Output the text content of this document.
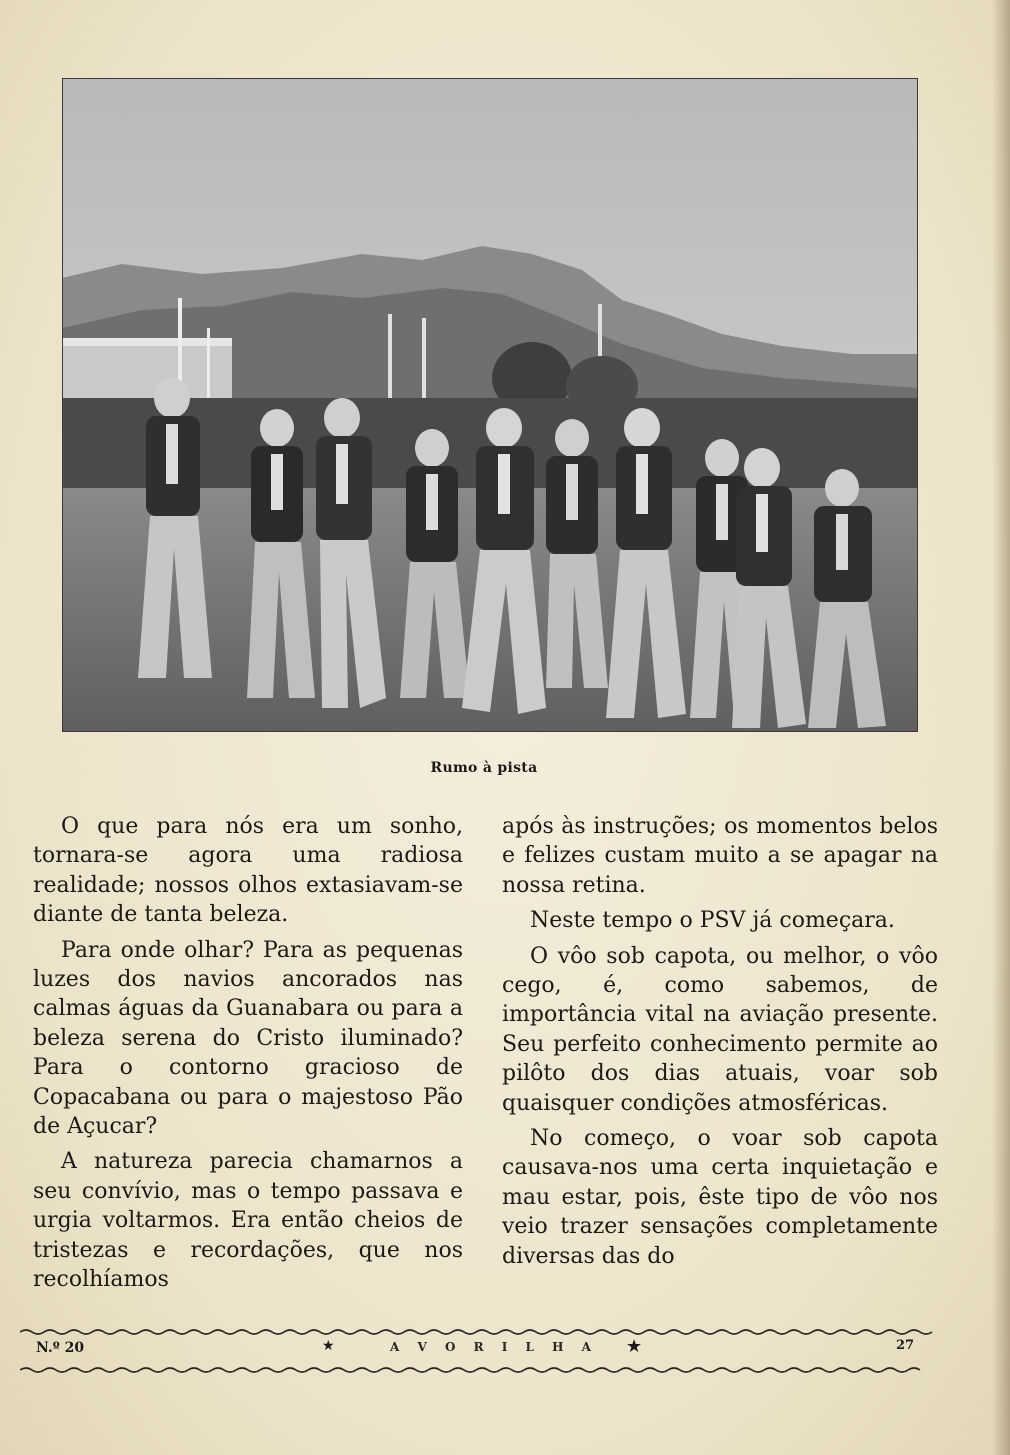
Rumo à pista

O que para nós era um sonho, tornara-se agora uma radiosa realidade; nossos olhos extasiavam-se diante de tanta beleza.

Para onde olhar? Para as pequenas luzes dos navios ancorados nas calmas águas da Guanabara ou para a beleza serena do Cristo iluminado? Para o contorno gracioso de Copacabana ou para o majestoso Pão de Açucar?

A natureza parecia chamarnos a seu convívio, mas o tempo passava e urgia voltarmos. Era então cheios de tristezas e recordações, que nos recolhíamos

após às instruções; os momentos belos e felizes custam muito a se apagar na nossa retina.

Neste tempo o PSV já começara.

O vôo sob capota, ou melhor, o vôo cego, é, como sabemos, de importância vital na aviação presente. Seu perfeito conhecimento permite ao pilôto dos dias atuais, voar sob quaisquer condições atmosféricas.

No começo, o voar sob capota causava-nos uma certa inquietação e mau estar, pois, êste tipo de vôo nos veio trazer sensações completamente diversas das do

N.º 20	★	A V O R I L H A ★	27
